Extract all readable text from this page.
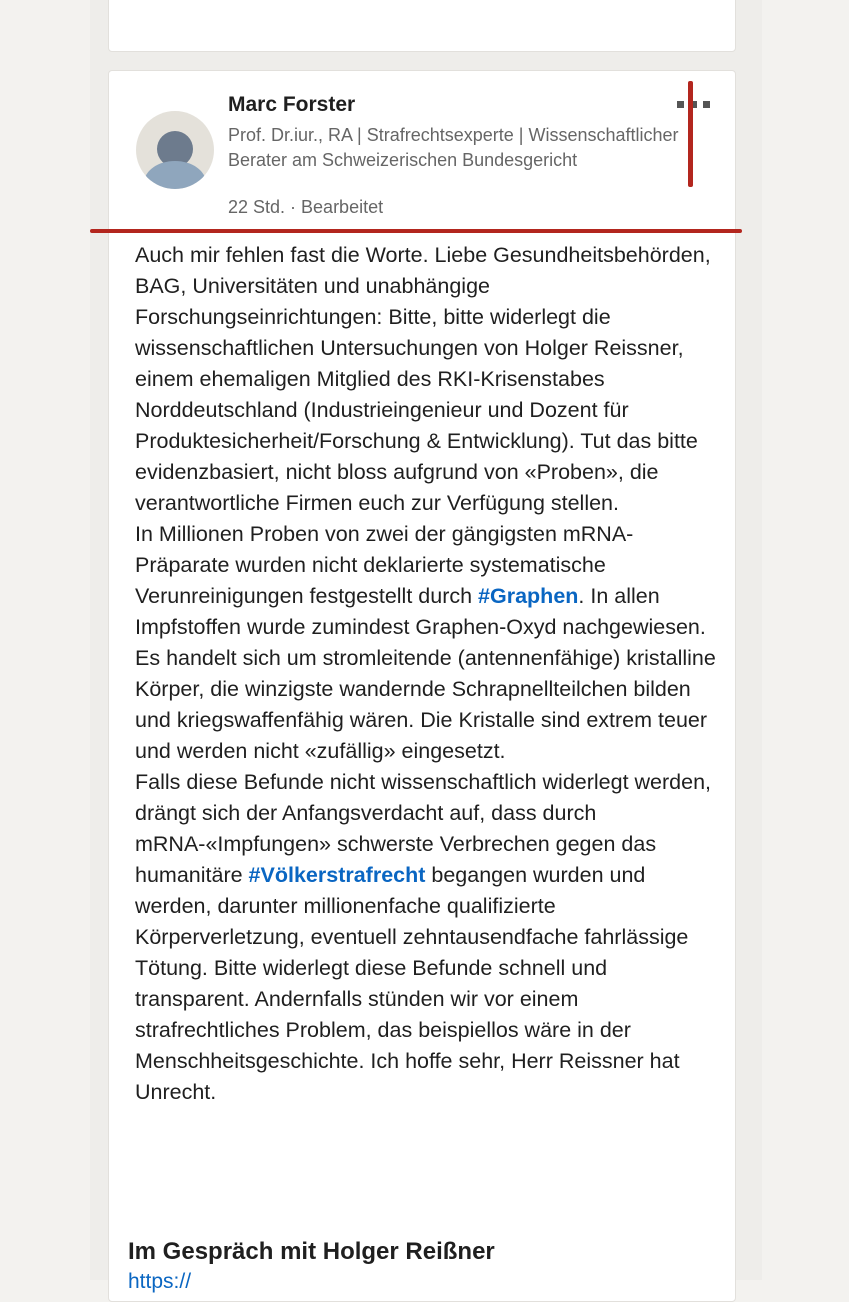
Marc Forster
Prof. Dr.iur., RA | Strafrechtsexperte | Wissenschaftlicher Berater am Schweizerischen Bundesgericht
22 Std. · Bearbeitet

Auch mir fehlen fast die Worte. Liebe Gesundheitsbehörden, BAG, Universitäten und unabhängige Forschungseinrichtungen: Bitte, bitte widerlegt die wissenschaftlichen Untersuchungen von Holger Reissner, einem ehemaligen Mitglied des RKI-Krisenstabes Norddeutschland (Industrieingenieur und Dozent für Produktesicherheit/Forschung & Entwicklung). Tut das bitte evidenzbasiert, nicht bloss aufgrund von «Proben», die verantwortliche Firmen euch zur Verfügung stellen.

In Millionen Proben von zwei der gängigsten mRNA-Präparate wurden nicht deklarierte systematische Verunreinigungen festgestellt durch #Graphen. In allen Impfstoffen wurde zumindest Graphen-Oxyd nachgewiesen. Es handelt sich um stromleitende (antennenfähige) kristalline Körper, die winzigste wandernde Schrapnellteilchen bilden und kriegswaffenfähig wären. Die Kristalle sind extrem teuer und werden nicht «zufällig» eingesetzt.

Falls diese Befunde nicht wissenschaftlich widerlegt werden, drängt sich der Anfangsverdacht auf, dass durch mRNA-«Impfungen» schwerste Verbrechen gegen das humanitäre #Völkerstrafrecht begangen wurden und werden, darunter millionenfache qualifizierte Körperverletzung, eventuell zehntausendfache fahrlässige Tötung. Bitte widerlegt diese Befunde schnell und transparent. Andernfalls stünden wir vor einem strafrechtliches Problem, das beispiellos wäre in der Menschheitsgeschichte. Ich hoffe sehr, Herr Reissner hat Unrecht.

Im Gespräch mit Holger Reißner
https://
